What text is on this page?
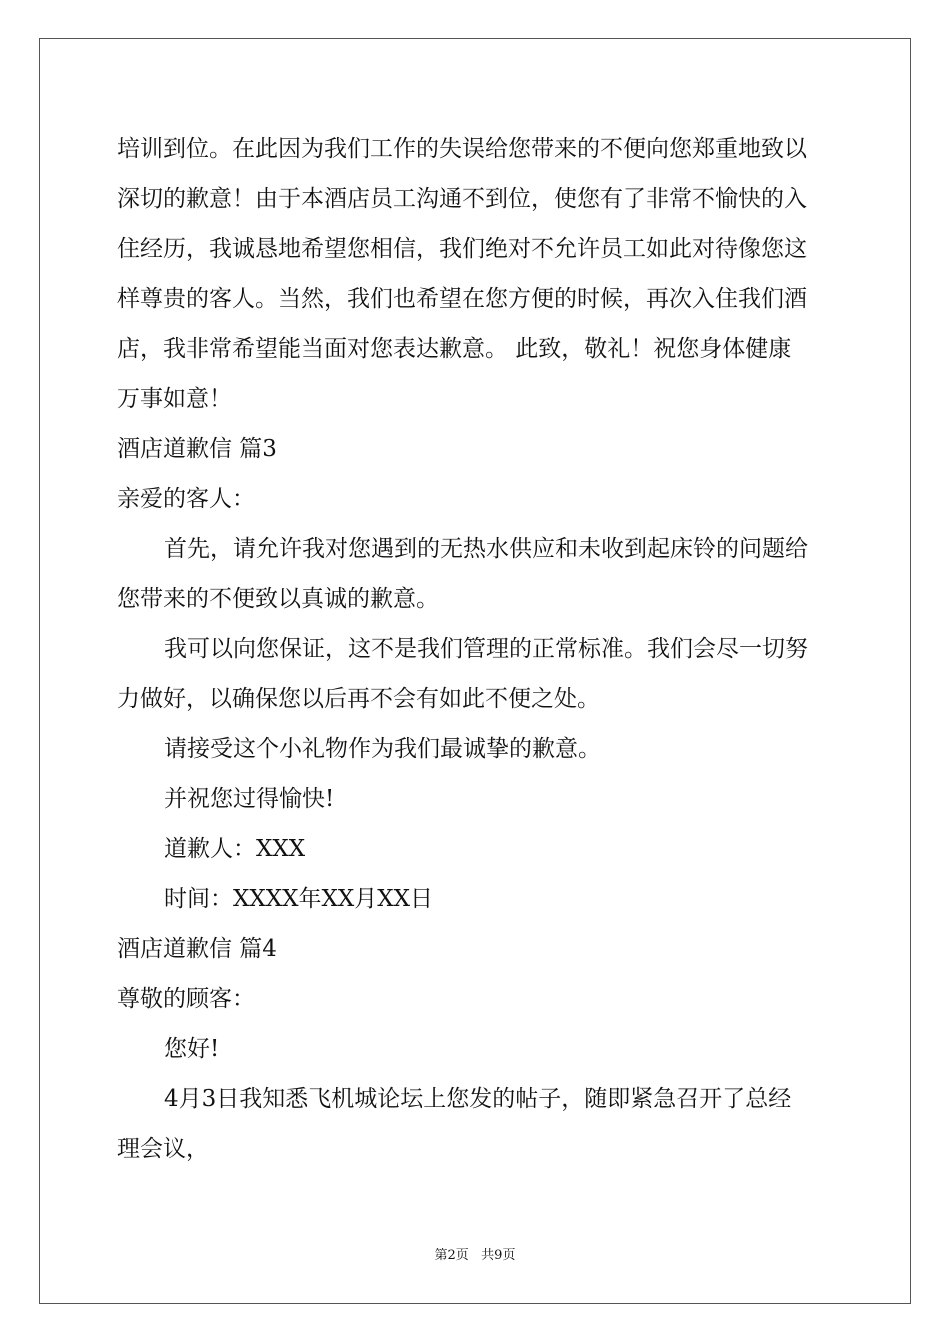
培训到位。在此因为我们工作的失误给您带来的不便向您郑重地致以
深切的歉意！由于本酒店员工沟通不到位，使您有了非常不愉快的入
住经历，我诚恳地希望您相信，我们绝对不允许员工如此对待像您这
样尊贵的客人。当然，我们也希望在您方便的时候，再次入住我们酒
店，我非常希望能当面对您表达歉意。 此致，敬礼！祝您身体健康
万事如意！
酒店道歉信 篇3
亲爱的客人：
首先，请允许我对您遇到的无热水供应和未收到起床铃的问题给
您带来的不便致以真诚的歉意。
我可以向您保证，这不是我们管理的正常标准。我们会尽一切努
力做好，以确保您以后再不会有如此不便之处。
请接受这个小礼物作为我们最诚挚的歉意。
并祝您过得愉快!
道歉人：XXX
时间：XXXX年XX月XX日
酒店道歉信 篇4
尊敬的顾客：
您好!
4月3日我知悉飞机城论坛上您发的帖子，随即紧急召开了总经
理会议，
第2页   共9页
